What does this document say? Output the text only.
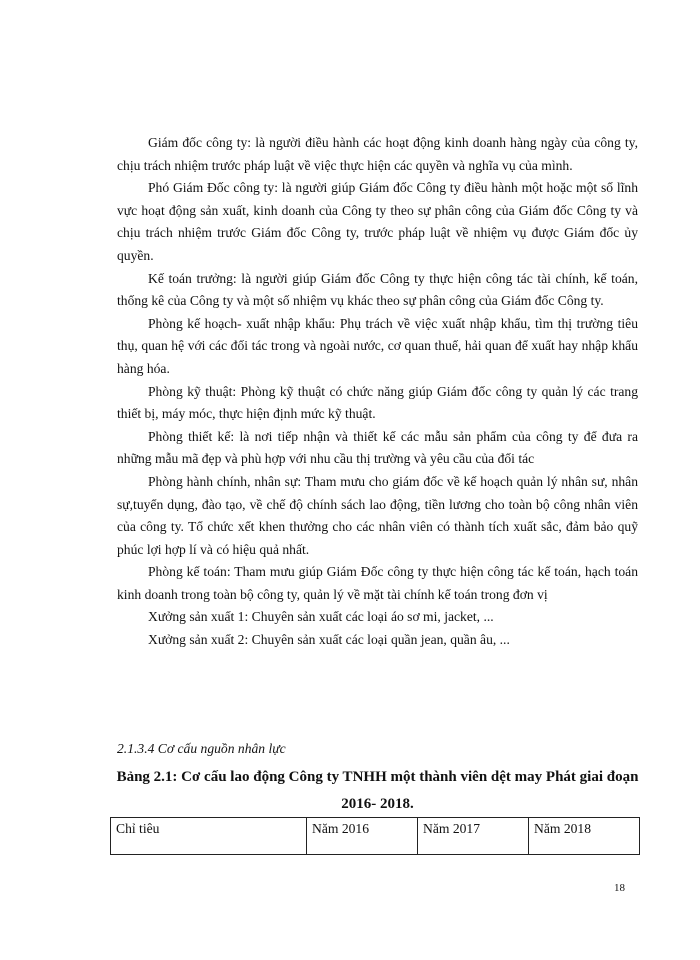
Giám đốc công ty: là người điều hành các hoạt động kinh doanh hàng ngày của công ty, chịu trách nhiệm trước pháp luật về việc thực hiện các quyền và nghĩa vụ của mình.

Phó Giám Đốc công ty: là người giúp Giám đốc Công ty điều hành một hoặc một số lĩnh vực hoạt động sản xuất, kinh doanh của Công ty theo sự phân công của Giám đốc Công ty và chịu trách nhiệm trước Giám đốc Công ty, trước pháp luật về nhiệm vụ được Giám đốc ủy quyền.

Kế toán trưởng: là người giúp Giám đốc Công ty thực hiện công tác tài chính, kế toán, thống kê của Công ty và một số nhiệm vụ khác theo sự phân công của Giám đốc Công ty.

Phòng kế hoạch- xuất nhập khẩu: Phụ trách về việc xuất nhập khẩu, tìm thị trường tiêu thụ, quan hệ với các đối tác trong và ngoài nước, cơ quan thuế, hải quan để xuất hay nhập khẩu hàng hóa.

Phòng kỹ thuật: Phòng kỹ thuật có chức năng giúp Giám đốc công ty quản lý các trang thiết bị, máy móc, thực hiện định mức kỹ thuật.

Phòng thiết kế: là nơi tiếp nhận và thiết kế các mẫu sản phẩm của công ty để đưa ra những mẫu mã đẹp và phù hợp với nhu cầu thị trường và yêu cầu của đối tác

Phòng hành chính, nhân sự: Tham mưu cho giám đốc về kế hoạch quản lý nhân sư, nhân sự,tuyển dụng, đào tạo, về chế độ chính sách lao động, tiền lương cho toàn bộ công nhân viên của công ty. Tổ chức xết khen thưởng cho các nhân viên có thành tích xuất sắc, đảm bảo quỹ phúc lợi hợp lí và có hiệu quả nhất.

Phòng kế toán: Tham mưu giúp Giám Đốc công ty thực hiện công tác kế toán, hạch toán kinh doanh trong toàn bộ công ty, quản lý về mặt tài chính kế toán trong đơn vị

Xưởng sản xuất 1: Chuyên sản xuất các loại áo sơ mi, jacket, ...

Xưởng sản xuất 2: Chuyên sản xuất các loại quần jean, quần âu, ...

2.1.3.4 Cơ cấu nguồn nhân lực

Bảng 2.1: Cơ cấu lao động Công ty TNHH một thành viên dệt may Phát giai đoạn 2016- 2018.

Chỉ tiêu	Năm 2016	Năm 2017	Năm 2018

18
